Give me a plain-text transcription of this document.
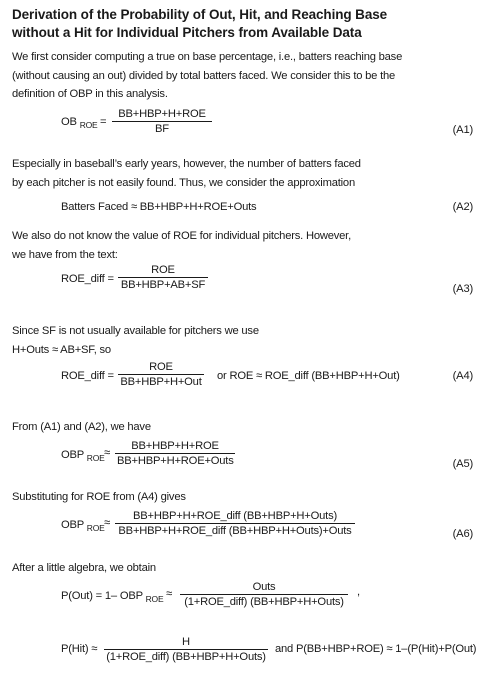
Derivation of the Probability of Out, Hit, and Reaching Base
without a Hit for Individual Pitchers from Available Data
We first consider computing a true on base percentage, i.e., batters reaching base
(without causing an out) divided by total batters faced. We consider this to be the
definition of OBP in this analysis.
OB $_{ROE}$ =
BB+HBP+H+ROE
BF	(A1)
Especially in baseball’s early years, however, the number of batters faced
by each pitcher is not easily found. Thus, we consider the approximation
Batters Faced ≈ BB+HBP+H+ROE+Outs	(A2)
We also do not know the value of ROE for individual pitchers. However,
we have from the text:
ROE_diff =
ROE
BB+HBP+AB+SF	(A3)
Since SF is not usually available for pitchers we use
H+Outs ≈ AB+SF, so
ROE_diff =
ROE
BB+HBP+H+Out or ROE ≈ ROE_diff (BB+HBP+H+Out)	(A4)
From (A1) and (A2), we have
OBP $_{ROE}$ ≈
BB+HBP+H+ROE
BB+HBP+H+ROE+Outs	(A5)
Substituting for ROE from (A4) gives
OBP $_{ROE}$ ≈
BB+HBP+H+ROE_diff (BB+HBP+H+Outs)
BB+HBP+H+ROE_diff (BB+HBP+H+Outs)+Outs	(A6)
After a little algebra, we obtain
P(Out) = 1– OBP $_{ROE}$ ≈
Outs
(1+ROE_diff) (BB+HBP+H+Outs)
,
P(Hit) ≈
H
(1+ROE_diff) (BB+HBP+H+Outs)
and P(BB+HBP+ROE) ≈ 1–(P(Hit)+P(Out)
